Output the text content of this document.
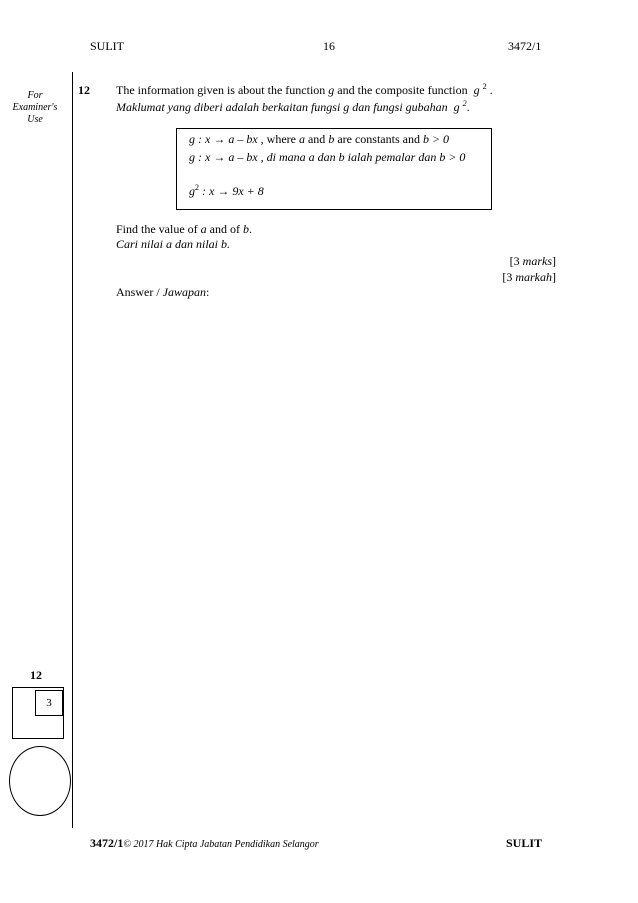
SULIT	16	3472/1
For
Examiner's
Use
12 The information given is about the function g and the composite function  g $^2$ .
Maklumat yang diberi adalah berkaitan fungsi g dan fungsi gubahan  g $^2$.
g : x → a – bx , where a and b are constants and b > 0
g : x → a – bx , di mana a dan b ialah pemalar dan b > 0
$g^2$ : x → 9x + 8
Find the value of a and of b.
Cari nilai a dan nilai b.
[3 marks]
[3 markah]
Answer / Jawapan:
12
3
3472/1© 2017 Hak Cipta Jabatan Pendidikan Selangor	SULIT
